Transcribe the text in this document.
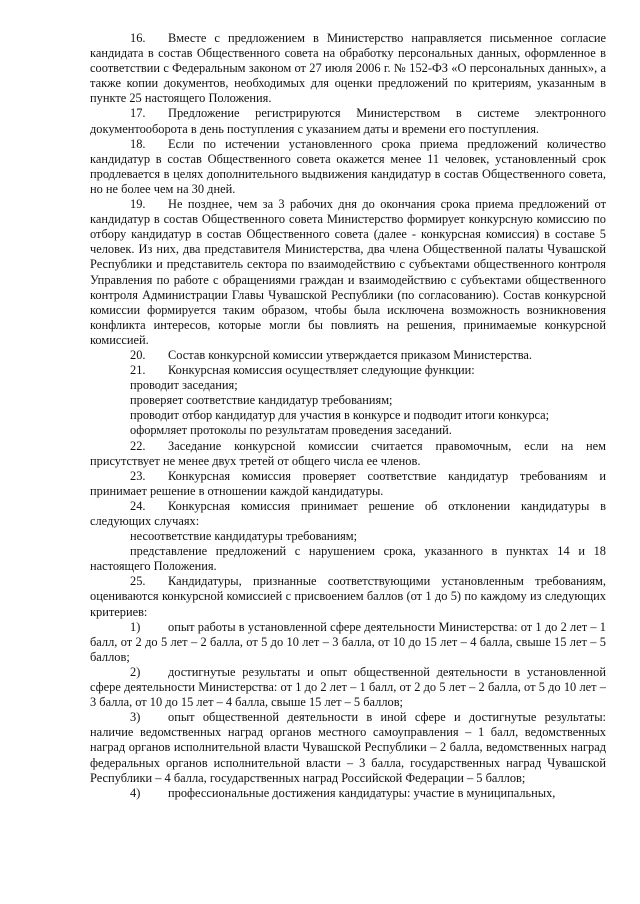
16. Вместе с предложением в Министерство направляется письменное согласие кандидата в состав Общественного совета на обработку персональных данных, оформленное в соответствии с Федеральным законом от 27 июля 2006 г. № 152-ФЗ «О персональных данных», а также копии документов, необходимых для оценки предложений по критериям, указанным в пункте 25 настоящего Положения.

17. Предложение регистрируются Министерством в системе электронного документооборота в день поступления с указанием даты и времени его поступления.

18. Если по истечении установленного срока приема предложений количество кандидатур в состав Общественного совета окажется менее 11 человек, установленный срок продлевается в целях дополнительного выдвижения кандидатур в состав Общественного совета, но не более чем на 30 дней.

19. Не позднее, чем за 3 рабочих дня до окончания срока приема предложений от кандидатур в состав Общественного совета Министерство формирует конкурсную комиссию по отбору кандидатур в состав Общественного совета (далее - конкурсная комиссия) в составе 5 человек. Из них, два представителя Министерства, два члена Общественной палаты Чувашской Республики и представитель сектора по взаимодействию с субъектами общественного контроля Управления по работе с обращениями граждан и взаимодействию с субъектами общественного контроля Администрации Главы Чувашской Республики (по согласованию). Состав конкурсной комиссии формируется таким образом, чтобы была исключена возможность возникновения конфликта интересов, которые могли бы повлиять на решения, принимаемые конкурсной комиссией.

20. Состав конкурсной комиссии утверждается приказом Министерства.

21. Конкурсная комиссия осуществляет следующие функции:

проводит заседания;

проверяет соответствие кандидатур требованиям;

проводит отбор кандидатур для участия в конкурсе и подводит итоги конкурса;

оформляет протоколы по результатам проведения заседаний.

22. Заседание конкурсной комиссии считается правомочным, если на нем присутствует не менее двух третей от общего числа ее членов.

23. Конкурсная комиссия проверяет соответствие кандидатур требованиям и принимает решение в отношении каждой кандидатуры.

24. Конкурсная комиссия принимает решение об отклонении кандидатуры в следующих случаях:

несоответствие кандидатуры требованиям;

представление предложений с нарушением срока, указанного в пунктах 14 и 18 настоящего Положения.

25. Кандидатуры, признанные соответствующими установленным требованиям, оцениваются конкурсной комиссией с присвоением баллов (от 1 до 5) по каждому из следующих критериев:

1) опыт работы в установленной сфере деятельности Министерства: от 1 до 2 лет – 1 балл, от 2 до 5 лет – 2 балла, от 5 до 10 лет – 3 балла, от 10 до 15 лет – 4 балла, свыше 15 лет – 5 баллов;

2) достигнутые результаты и опыт общественной деятельности в установленной сфере деятельности Министерства: от 1 до 2 лет – 1 балл, от 2 до 5 лет – 2 балла, от 5 до 10 лет – 3 балла, от 10 до 15 лет – 4 балла, свыше 15 лет – 5 баллов;

3) опыт общественной деятельности в иной сфере и достигнутые результаты: наличие ведомственных наград органов местного самоуправления – 1 балл, ведомственных наград органов исполнительной власти Чувашской Республики – 2 балла, ведомственных наград федеральных органов исполнительной власти – 3 балла, государственных наград Чувашской Республики – 4 балла, государственных наград Российской Федерации – 5 баллов;

4) профессиональные достижения кандидатуры: участие в муниципальных,
